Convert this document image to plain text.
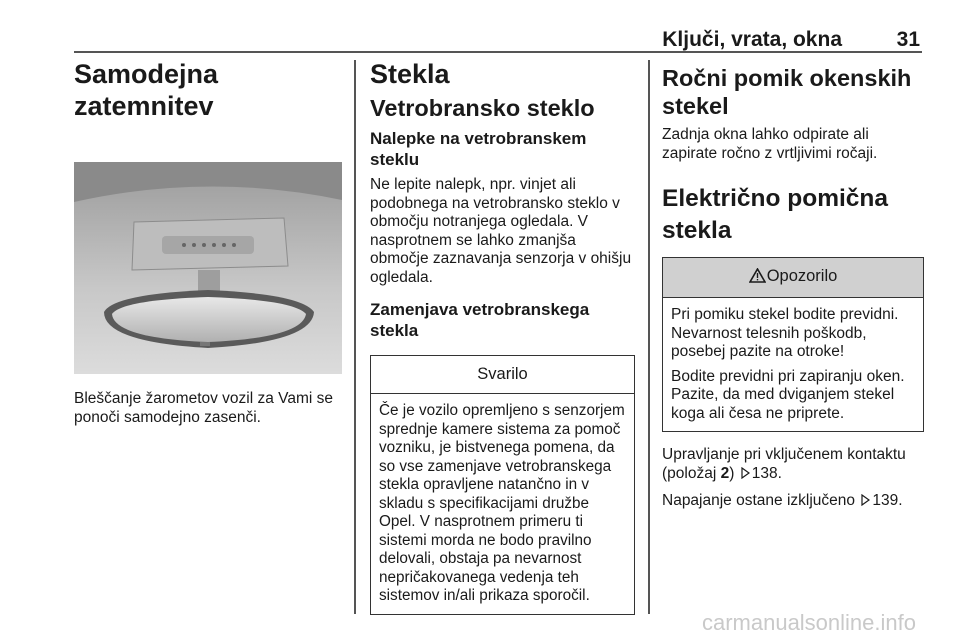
Ključi, vrata, okna	31
Samodejna zatemnitev

Bleščanje žarometov vozil za Vami se ponoči samodejno zasenči.

Stekla
Vetrobransko steklo
Nalepke na vetrobranskem steklu

Ne lepite nalepk, npr. vinjet ali podobnega na vetrobransko steklo v območju notranjega ogledala. V nasprotnem se lahko zmanjša območje zaznavanja senzorja v ohišju ogledala.

Zamenjava vetrobranskega stekla
Svarilo

Če je vozilo opremljeno s senzorjem sprednje kamere sistema za pomoč vozniku, je bistvenega pomena, da so vse zamenjave vetrobranskega stekla opravljene natančno in v skladu s specifikacijami družbe Opel. V nasprotnem primeru ti sistemi morda ne bodo pravilno delovali, obstaja pa nevarnost nepričakovanega vedenja teh sistemov in/ali prikaza sporočil.

Ročni pomik okenskih stekel

Zadnja okna lahko odpirate ali zapirate ročno z vrtljivimi ročaji.

Električno pomična stekla
Opozorilo

Pri pomiku stekel bodite previdni. Nevarnost telesnih poškodb, posebej pazite na otroke!

Bodite previdni pri zapiranju oken. Pazite, da med dviganjem stekel koga ali česa ne priprete.

Upravljanje pri vključenem kontaktu (položaj 2) 138.

Napajanje ostane izključeno 139.

carmanualsonline.info
